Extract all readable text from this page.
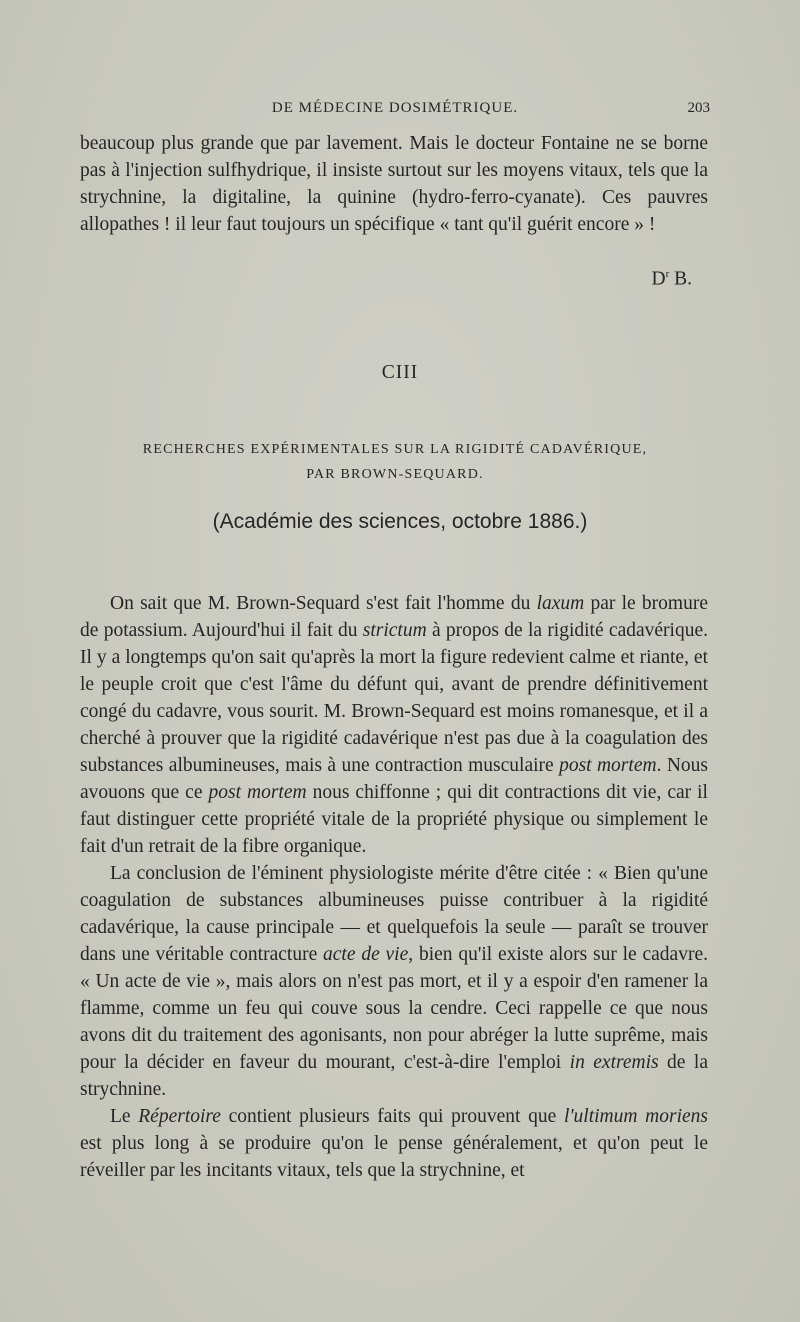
DE MÉDECINE DOSIMÉTRIQUE.	203

beaucoup plus grande que par lavement. Mais le docteur Fontaine ne se borne pas à l'injection sulfhydrique, il insiste surtout sur les moyens vitaux, tels que la strychnine, la digitaline, la quinine (hydro-ferro-cyanate). Ces pauvres allopathes ! il leur faut toujours un spécifique « tant qu'il guérit encore » !

$D^r$ B.
CIII
RECHERCHES EXPÉRIMENTALES SUR LA RIGIDITÉ CADAVÉRIQUE,
PAR BROWN-SEQUARD.
(Académie des sciences, octobre 1886.)

On sait que M. Brown-Sequard s'est fait l'homme du laxum par le bromure de potassium. Aujourd'hui il fait du strictum à propos de la rigidité cadavérique. Il y a longtemps qu'on sait qu'après la mort la figure redevient calme et riante, et le peuple croit que c'est l'âme du défunt qui, avant de prendre définitivement congé du cadavre, vous sourit. M. Brown-Sequard est moins romanesque, et il a cherché à prouver que la rigidité cadavérique n'est pas due à la coagulation des substances albumineuses, mais à une contraction musculaire post mortem. Nous avouons que ce post mortem nous chiffonne ; qui dit contractions dit vie, car il faut distinguer cette propriété vitale de la propriété physique ou simplement le fait d'un retrait de la fibre organique.

La conclusion de l'éminent physiologiste mérite d'être citée : « Bien qu'une coagulation de substances albumineuses puisse contribuer à la rigidité cadavérique, la cause principale — et quelquefois la seule — paraît se trouver dans une véritable contracture acte de vie, bien qu'il existe alors sur le cadavre. « Un acte de vie », mais alors on n'est pas mort, et il y a espoir d'en ramener la flamme, comme un feu qui couve sous la cendre. Ceci rappelle ce que nous avons dit du traitement des agonisants, non pour abréger la lutte suprême, mais pour la décider en faveur du mourant, c'est-à-dire l'emploi in extremis de la strychnine.

Le Répertoire contient plusieurs faits qui prouvent que l'ultimum moriens est plus long à se produire qu'on le pense généralement, et qu'on peut le réveiller par les incitants vitaux, tels que la strychnine, et
